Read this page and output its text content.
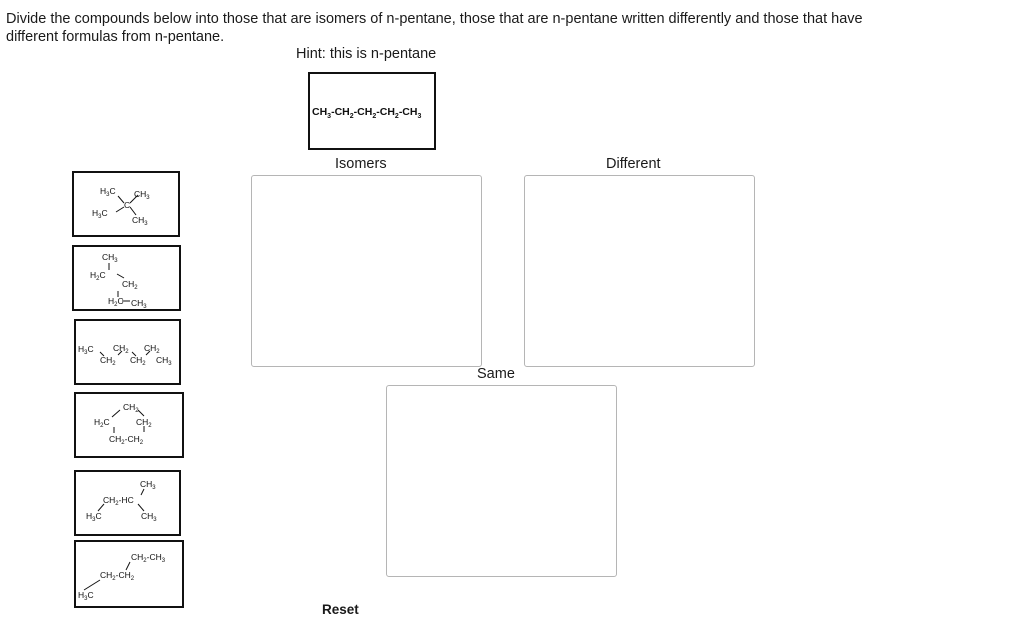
Divide the compounds below into those that are isomers of n-pentane, those that are n-pentane written differently and those that have
different formulas from n-pentane.
Hint: this is n-pentane
$CH_3-CH_2-CH_2-CH_2-CH_3$
Isomers	Different
Same
$H_3C$ $CH_3$
$H_3C$
C
$CH_3$
$CH_3$
$H_2C$
$CH_2$
$H_2C$ $CH_3$
$H_3C$ $CH_2$
$CH_2$
$CH_2$
$CH_2$ $CH_3$
$CH_2$
$H_2C$	$CH_2$
$CH_2-CH_2$
$CH_3$
$CH_2-HC$
$H_3C$	$CH_3$
$CH_2-CH_3$
$CH_2-CH_2$
$H_3C$
Reset
